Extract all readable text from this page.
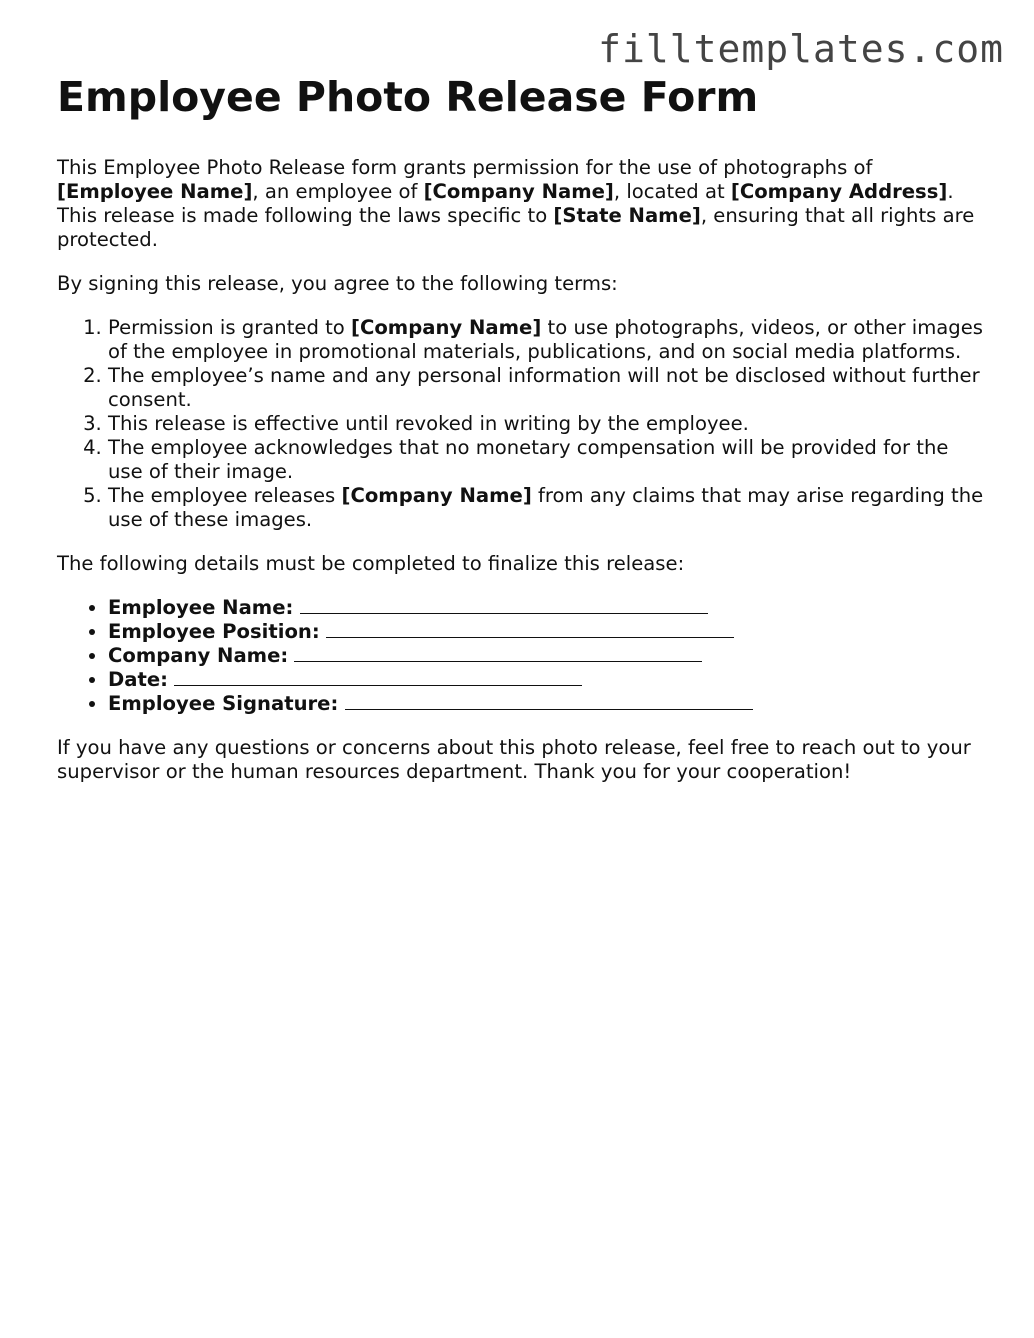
filltemplates.com
Employee Photo Release Form

This Employee Photo Release form grants permission for the use of photographs of [Employee Name], an employee of [Company Name], located at [Company Address]. This release is made following the laws specific to [State Name], ensuring that all rights are protected.

By signing this release, you agree to the following terms:

1. Permission is granted to [Company Name] to use photographs, videos, or other images of the employee in promotional materials, publications, and on social media platforms.
2. The employee’s name and any personal information will not be disclosed without further consent.
3. This release is effective until revoked in writing by the employee.
4. The employee acknowledges that no monetary compensation will be provided for the use of their image.
5. The employee releases [Company Name] from any claims that may arise regarding the use of these images.

The following details must be completed to finalize this release:

• Employee Name:
• Employee Position:
• Company Name:
• Date:
• Employee Signature:

If you have any questions or concerns about this photo release, feel free to reach out to your supervisor or the human resources department. Thank you for your cooperation!
